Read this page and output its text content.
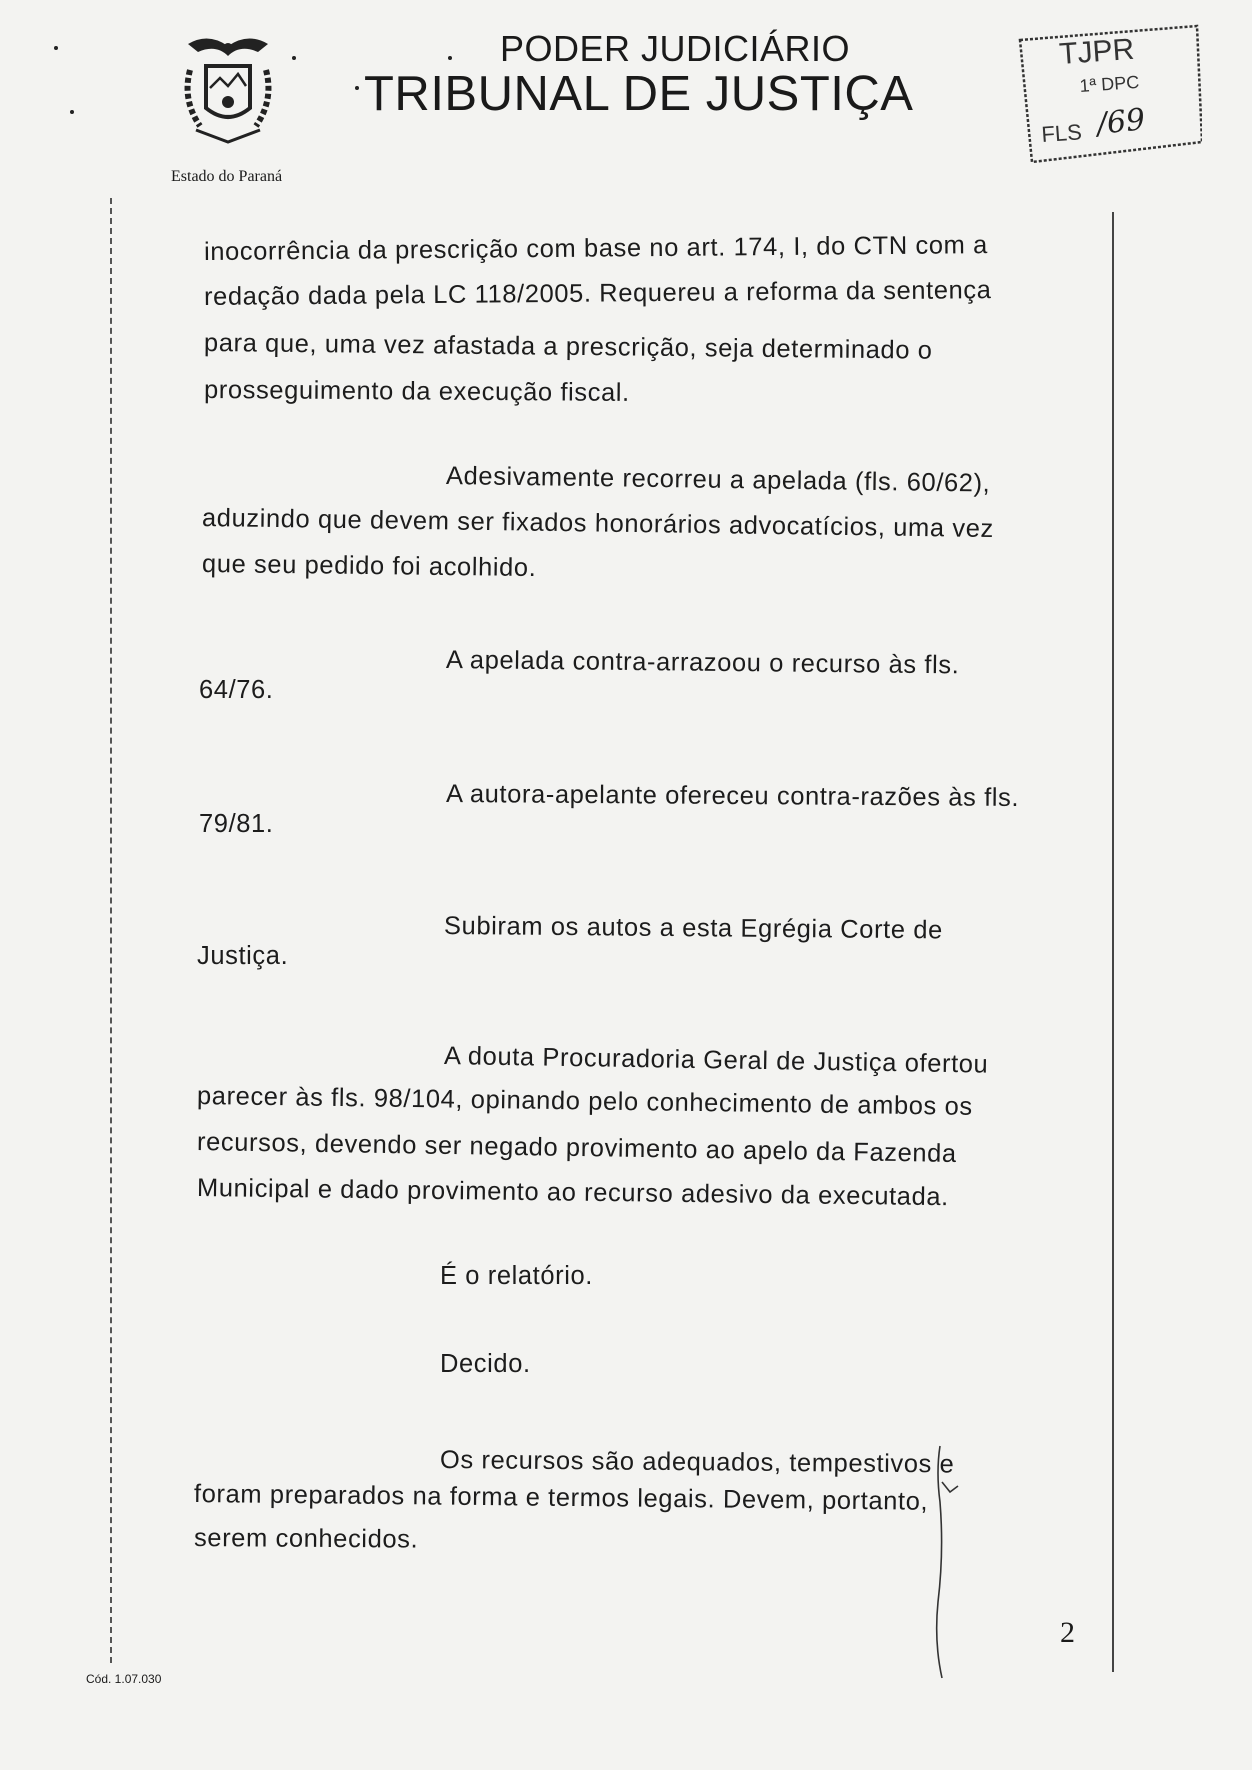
PODER JUDICIÁRIO
TRIBUNAL DE JUSTIÇA
Estado do Paraná
TJPR
1ª DPC
FLS /69
inocorrência da prescrição com base no art. 174, I, do CTN com a
redação dada pela LC 118/2005. Requereu a reforma da sentença
para que, uma vez afastada a prescrição, seja determinado o
prosseguimento da execução fiscal.
Adesivamente recorreu a apelada (fls. 60/62),
aduzindo que devem ser fixados honorários advocatícios, uma vez
que seu pedido foi acolhido.
A apelada contra-arrazoou o recurso às fls.
64/76.
A autora-apelante ofereceu contra-razões às fls.
79/81.
Subiram os autos a esta Egrégia Corte de
Justiça.
A douta Procuradoria Geral de Justiça ofertou
parecer às fls. 98/104, opinando pelo conhecimento de ambos os
recursos, devendo ser negado provimento ao apelo da Fazenda
Municipal e dado provimento ao recurso adesivo da executada.
É o relatório.
Decido.
Os recursos são adequados, tempestivos e
foram preparados na forma e termos legais. Devem, portanto,
serem conhecidos.
2
Cód. 1.07.030
